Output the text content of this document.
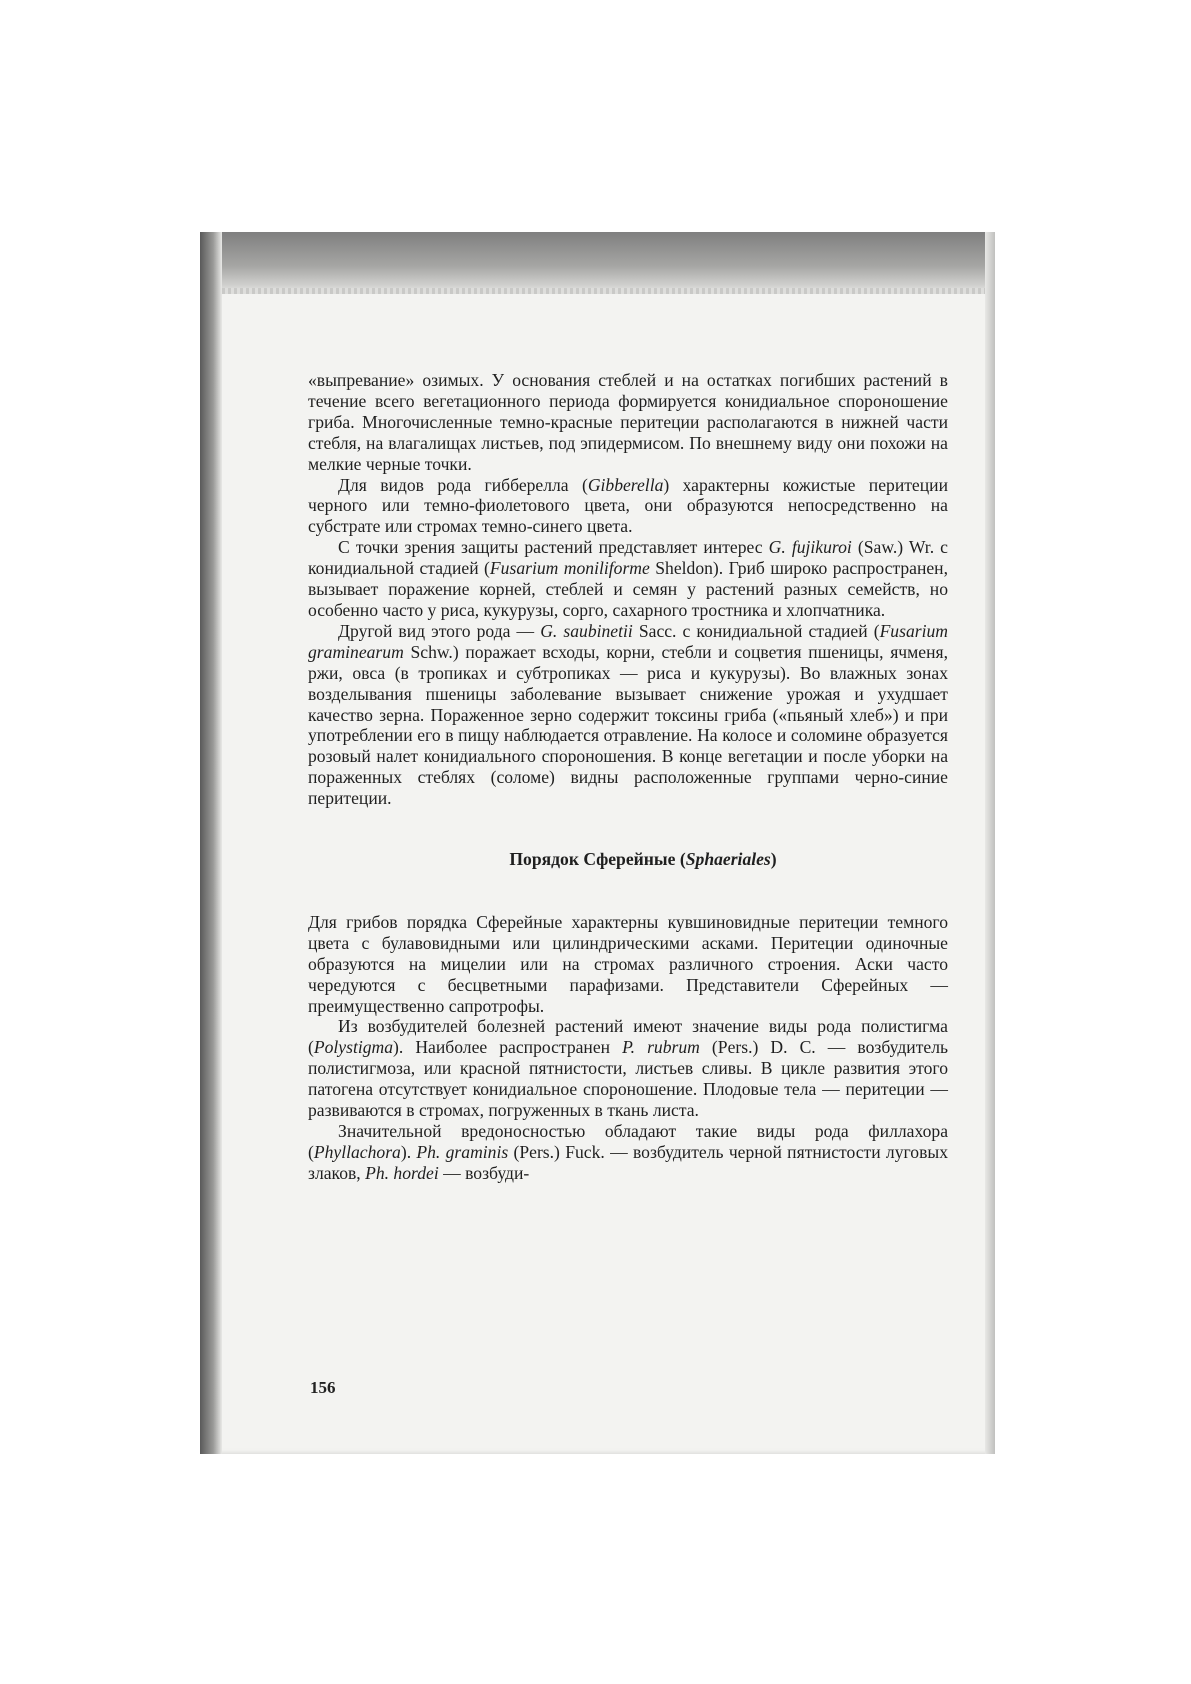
«выпревание» озимых. У основания стеблей и на остатках погибших растений в течение всего вегетационного периода формируется конидиальное спороношение гриба. Многочисленные темно-красные перитеции располагаются в нижней части стебля, на влагалищах листьев, под эпидермисом. По внешнему виду они похожи на мелкие черные точки.

Для видов рода гибберелла (Gibberella) характерны кожистые перитеции черного или темно-фиолетового цвета, они образуются непосредственно на субстрате или стромах темно-синего цвета.

С точки зрения защиты растений представляет интерес G. fujikuroi (Saw.) Wr. с конидиальной стадией (Fusarium moniliforme Sheldon). Гриб широко распространен, вызывает поражение корней, стеблей и семян у растений разных семейств, но особенно часто у риса, кукурузы, сорго, сахарного тростника и хлопчатника.

Другой вид этого рода — G. saubinetii Sacc. с конидиальной стадией (Fusarium graminearum Schw.) поражает всходы, корни, стебли и соцветия пшеницы, ячменя, ржи, овса (в тропиках и субтропиках — риса и кукурузы). Во влажных зонах возделывания пшеницы заболевание вызывает снижение урожая и ухудшает качество зерна. Пораженное зерно содержит токсины гриба («пьяный хлеб») и при употреблении его в пищу наблюдается отравление. На колосе и соломине образуется розовый налет конидиального спороношения. В конце вегетации и после уборки на пораженных стеблях (соломе) видны расположенные группами черно-синие перитеции.

Порядок Сферейные (Sphaeriales)

Для грибов порядка Сферейные характерны кувшиновидные перитеции темного цвета с булавовидными или цилиндрическими асками. Перитеции одиночные образуются на мицелии или на стромах различного строения. Аски часто чередуются с бесцветными парафизами. Представители Сферейных — преимущественно сапротрофы.

Из возбудителей болезней растений имеют значение виды рода полистигма (Polystigma). Наиболее распространен P. rubrum (Pers.) D. C. — возбудитель полистигмоза, или красной пятнистости, листьев сливы. В цикле развития этого патогена отсутствует конидиальное спороношение. Плодовые тела — перитеции — развиваются в стромах, погруженных в ткань листа.

Значительной вредоносностью обладают такие виды рода филлахора (Phyllachora). Ph. graminis (Pers.) Fuck. — возбудитель черной пятнистости луговых злаков, Ph. hordei — возбуди-

156
